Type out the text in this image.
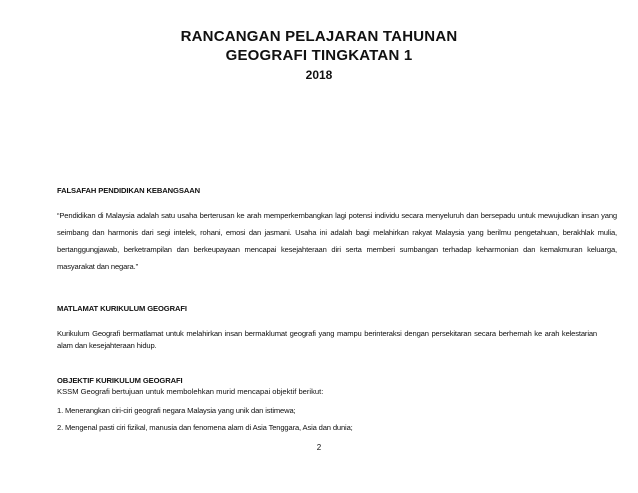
RANCANGAN PELAJARAN TAHUNAN
GEOGRAFI TINGKATAN 1
2018
FALSAFAH PENDIDIKAN KEBANGSAAN
“Pendidikan di Malaysia adalah satu usaha berterusan ke arah memperkembangkan lagi potensi individu secara menyeluruh dan bersepadu untuk mewujudkan insan yang seimbang dan harmonis dari segi intelek, rohani, emosi dan jasmani. Usaha ini adalah bagi melahirkan rakyat Malaysia yang berilmu pengetahuan, berakhlak mulia, bertanggungjawab, berketrampilan dan berkeupayaan mencapai kesejahteraan diri serta memberi sumbangan terhadap keharmonian dan kemakmuran keluarga, masyarakat dan negara.”
MATLAMAT KURIKULUM GEOGRAFI
Kurikulum Geografi bermatlamat untuk melahirkan insan bermaklumat geografi yang mampu berinteraksi dengan persekitaran secara berhemah ke arah kelestarian alam dan kesejahteraan hidup.
OBJEKTIF KURIKULUM GEOGRAFI
KSSM Geografi bertujuan untuk membolehkan murid mencapai objektif berikut:
1. Menerangkan ciri-ciri geografi negara Malaysia yang unik dan istimewa;
2. Mengenal pasti ciri fizikal, manusia dan fenomena alam di Asia Tenggara, Asia dan dunia;
2
